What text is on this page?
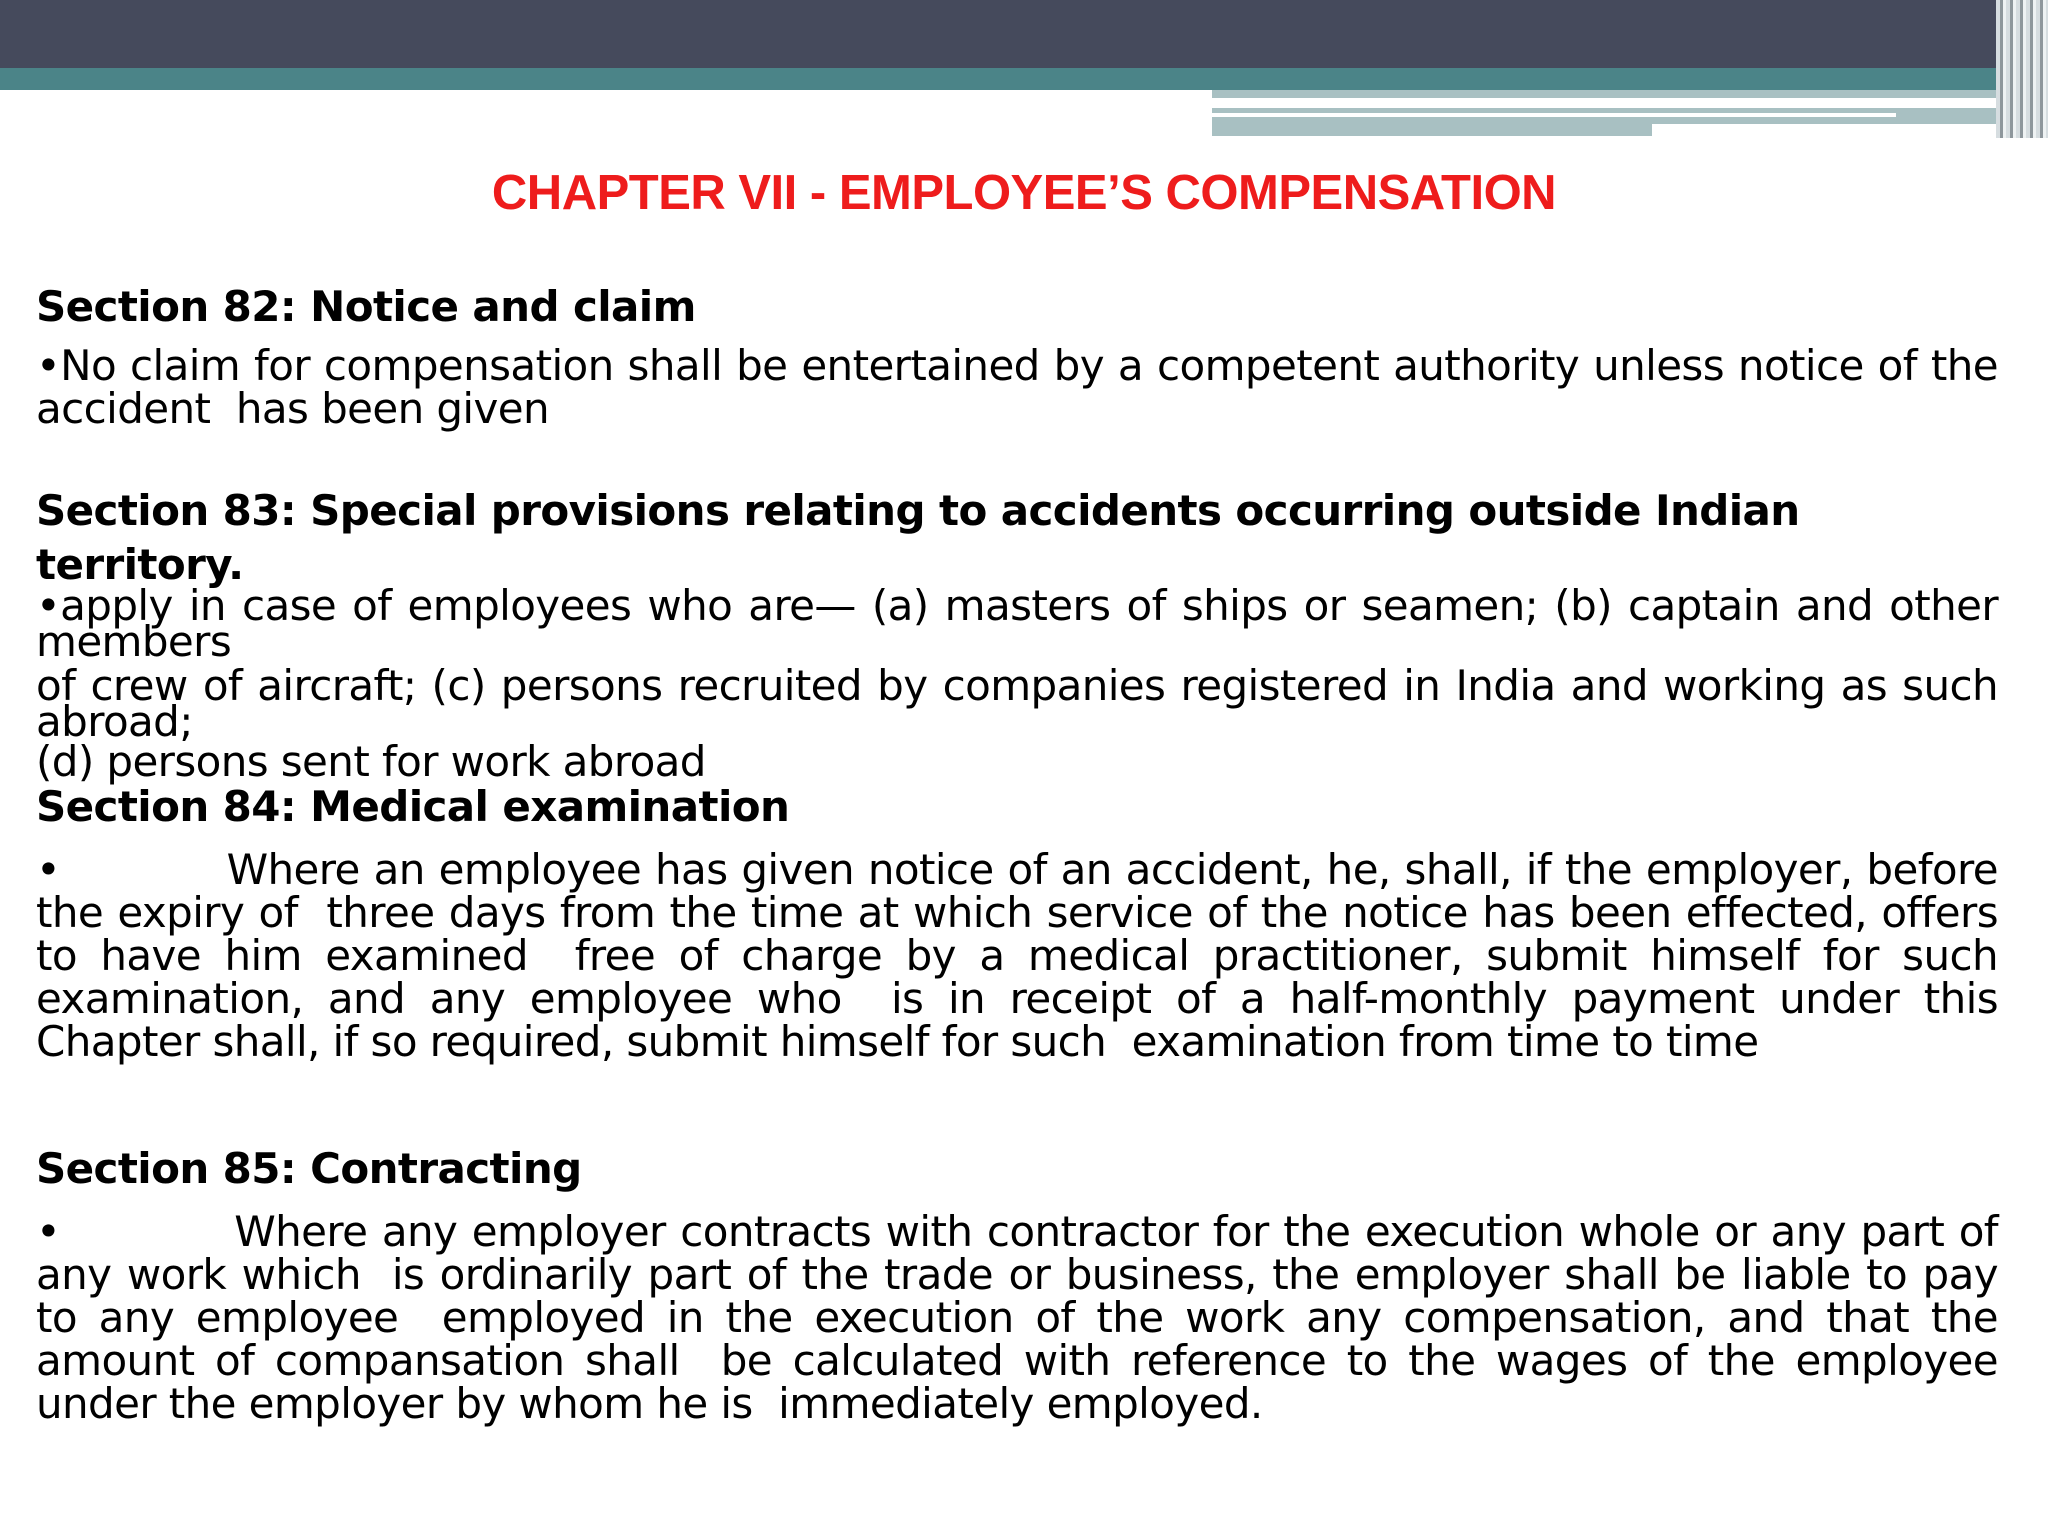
CHAPTER VII - EMPLOYEE’S COMPENSATION

Section 82: Notice and claim

•No claim for compensation shall be entertained by a competent authority unless notice of the accident  has been given

Section 83: Special provisions relating to accidents occurring outside Indian territory.

•apply in case of employees who are— (a) masters of ships or seamen; (b) captain and other members

of crew of aircraft; (c) persons recruited by companies registered in India and working as such abroad;

(d) persons sent for work abroad

Section 84: Medical examination

•            Where an employee has given notice of an accident, he, shall, if the employer, before the expiry of  three days from the time at which service of the notice has been effected, offers to have him examined  free of charge by a medical practitioner, submit himself for such examination, and any employee who  is in receipt of a half-monthly payment under this Chapter shall, if so required, submit himself for such  examination from time to time

Section 85: Contracting

•            Where any employer contracts with contractor for the execution whole or any part of any work which  is ordinarily part of the trade or business, the employer shall be liable to pay to any employee  employed in the execution of the work any compensation, and that the amount of compansation shall  be calculated with reference to the wages of the employee under the employer by whom he is  immediately employed.
